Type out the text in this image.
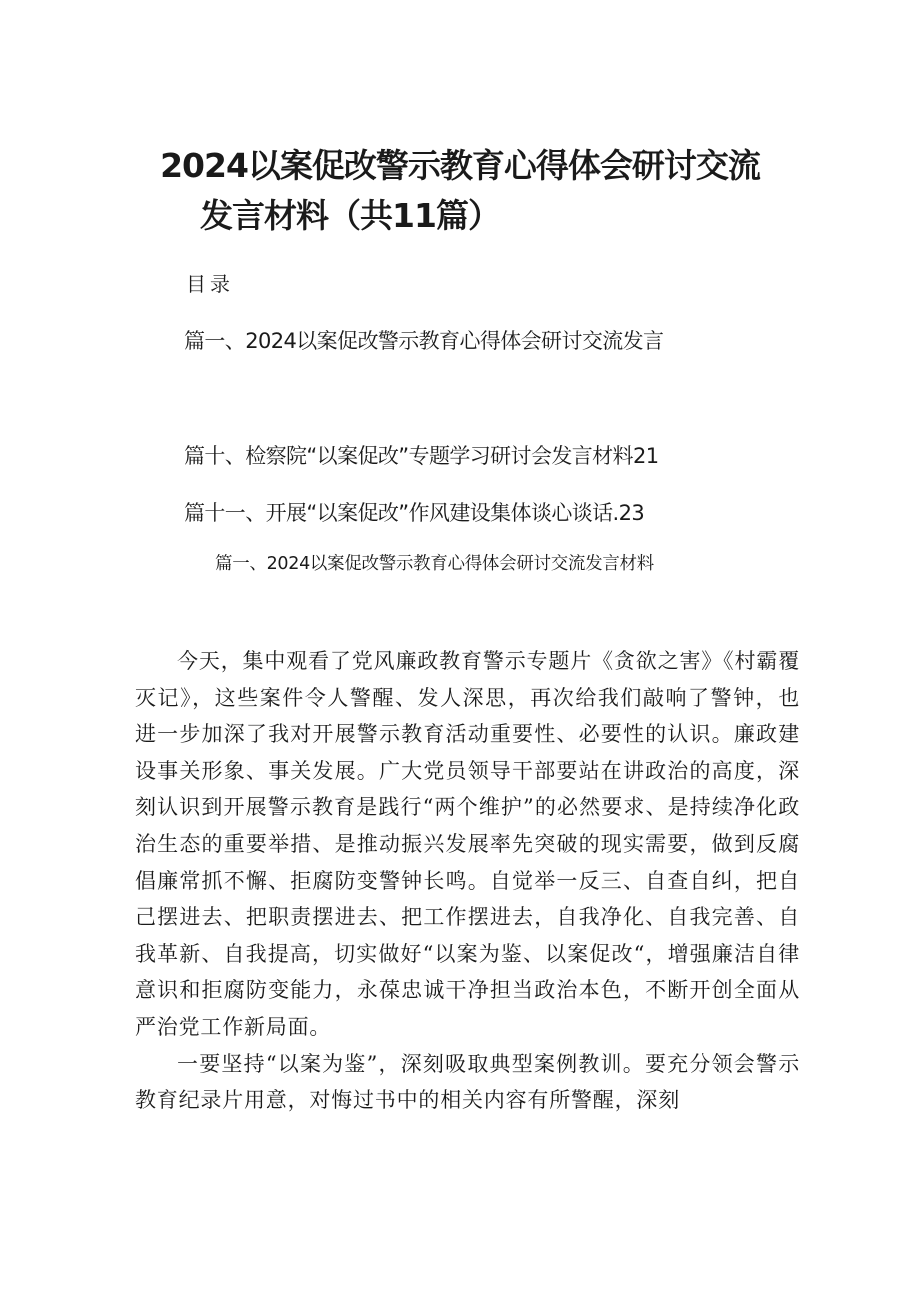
2024以案促改警示教育心得体会研讨交流
发言材料（共11篇）
目录
篇一、2024以案促改警示教育心得体会研讨交流发言
篇十、检察院“以案促改”专题学习研讨会发言材料21
篇十一、开展“以案促改”作风建设集体谈心谈话.23
篇一、2024以案促改警示教育心得体会研讨交流发言材料

今天，集中观看了党风廉政教育警示专题片《贪欲之害》《村霸覆灭记》，这些案件令人警醒、发人深思，再次给我们敲响了警钟，也进一步加深了我对开展警示教育活动重要性、必要性的认识。廉政建设事关形象、事关发展。广大党员领导干部要站在讲政治的高度，深刻认识到开展警示教育是践行“两个维护”的必然要求、是持续净化政治生态的重要举措、是推动振兴发展率先突破的现实需要，做到反腐倡廉常抓不懈、拒腐防变警钟长鸣。自觉举一反三、自查自纠，把自己摆进去、把职责摆进去、把工作摆进去，自我净化、自我完善、自我革新、自我提高，切实做好“以案为鉴、以案促改“，增强廉洁自律意识和拒腐防变能力，永葆忠诚干净担当政治本色，不断开创全面从严治党工作新局面。

一要坚持“以案为鉴”，深刻吸取典型案例教训。要充分领会警示教育纪录片用意，对悔过书中的相关内容有所警醒，深刻
